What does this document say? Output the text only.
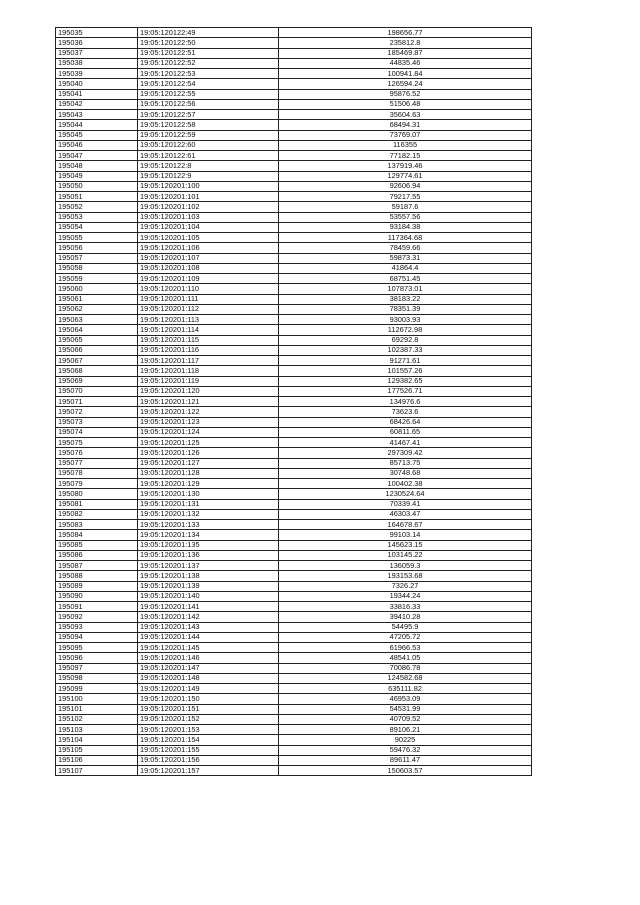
195035	19:05:120122:49	198656.77
195036	19:05:120122:50	235812.8
195037	19:05:120122:51	185469.87
195038	19:05:120122:52	44835.46
195039	19:05:120122:53	100941.84
195040	19:05:120122:54	126594.24
195041	19:05:120122:55	95876.52
195042	19:05:120122:56	51506.48
195043	19:05:120122:57	35604.63
195044	19:05:120122:58	68494.31
195045	19:05:120122:59	73769.07
195046	19:05:120122:60	116355
195047	19:05:120122:61	77182.15
195048	19:05:120122:8	137919.46
195049	19:05:120122:9	129774.61
195050	19:05:120201:100	92606.94
195051	19:05:120201:101	79217.55
195052	19:05:120201:102	59187.6
195053	19:05:120201:103	53557.56
195054	19:05:120201:104	93184.38
195055	19:05:120201:105	117364.68
195056	19:05:120201:106	78459.66
195057	19:05:120201:107	59873.31
195058	19:05:120201:108	41864.4
195059	19:05:120201:109	68751.45
195060	19:05:120201:110	107873.01
195061	19:05:120201:111	38183.22
195062	19:05:120201:112	78351.39
195063	19:05:120201:113	93003.93
195064	19:05:120201:114	112672.98
195065	19:05:120201:115	69292.8
195066	19:05:120201:116	102387.33
195067	19:05:120201:117	91271.61
195068	19:05:120201:118	101557.26
195069	19:05:120201:119	129382.65
195070	19:05:120201:120	177526.71
195071	19:05:120201:121	134976.6
195072	19:05:120201:122	73623.6
195073	19:05:120201:123	68426.64
195074	19:05:120201:124	60811.65
195075	19:05:120201:125	41467.41
195076	19:05:120201:126	297309.42
195077	19:05:120201:127	85713.75
195078	19:05:120201:128	30748.68
195079	19:05:120201:129	100402.38
195080	19:05:120201:130	1230524.64
195081	19:05:120201:131	70339.41
195082	19:05:120201:132	46303.47
195083	19:05:120201:133	164678.67
195084	19:05:120201:134	99103.14
195085	19:05:120201:135	145623.15
195086	19:05:120201:136	103145.22
195087	19:05:120201:137	136059.3
195088	19:05:120201:138	193153.68
195089	19:05:120201:139	7326.27
195090	19:05:120201:140	19344.24
195091	19:05:120201:141	33816.33
195092	19:05:120201:142	39410.28
195093	19:05:120201:143	54495.9
195094	19:05:120201:144	47205.72
195095	19:05:120201:145	61966.53
195096	19:05:120201:146	48541.05
195097	19:05:120201:147	70086.78
195098	19:05:120201:148	124582.68
195099	19:05:120201:149	635111.82
195100	19:05:120201:150	46953.09
195101	19:05:120201:151	54531.99
195102	19:05:120201:152	40709.52
195103	19:05:120201:153	89106.21
195104	19:05:120201:154	90225
195105	19:05:120201:155	59476.32
195106	19:05:120201:156	89611.47
195107	19:05:120201:157	150603.57
